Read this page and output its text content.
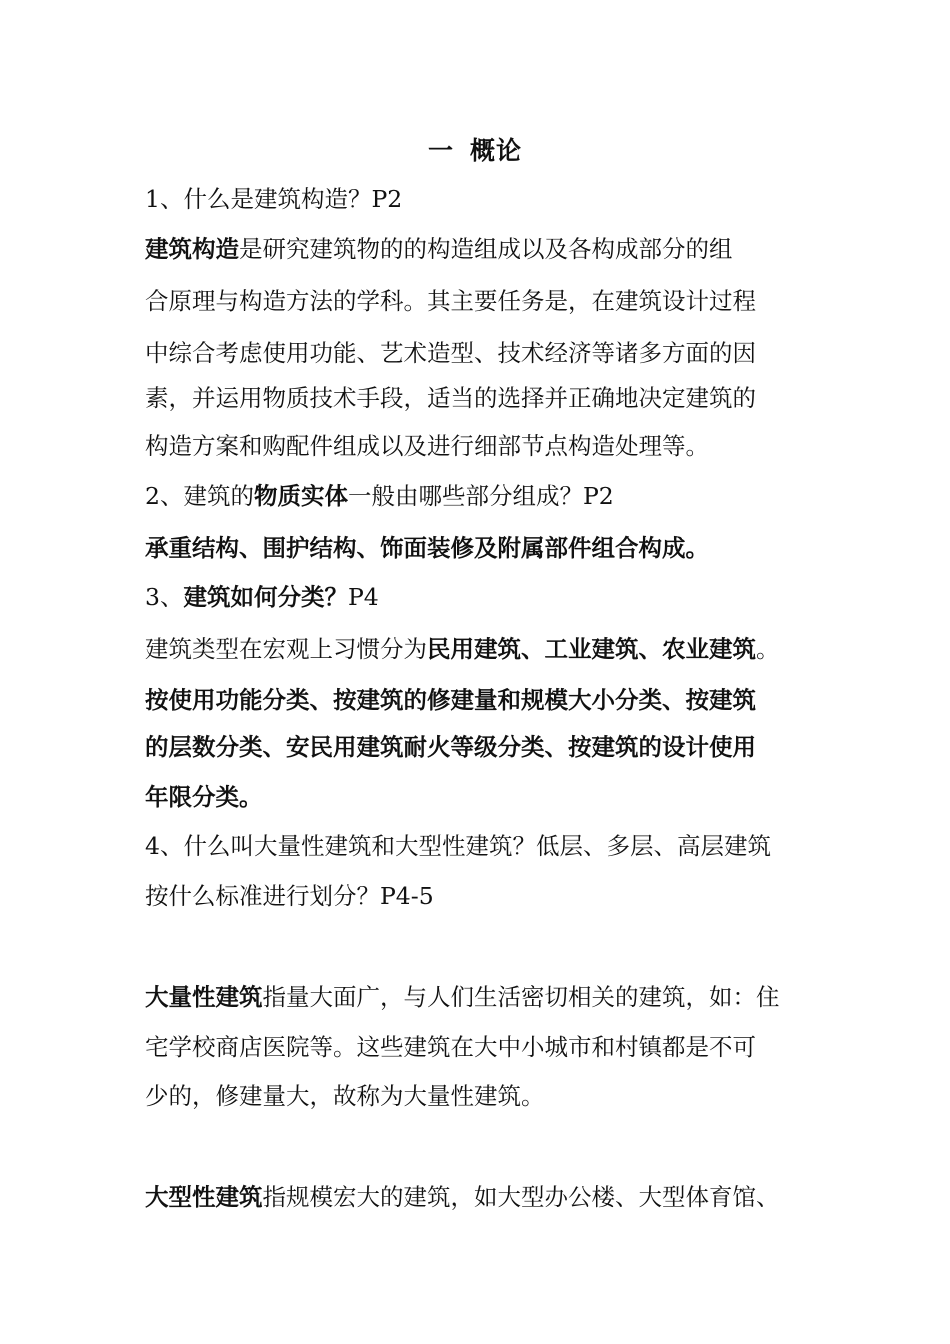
一 概论
1、什么是建筑构造？P2
建筑构造是研究建筑物的的构造组成以及各构成部分的组
合原理与构造方法的学科。其主要任务是，在建筑设计过程
中综合考虑使用功能、艺术造型、技术经济等诸多方面的因
素，并运用物质技术手段，适当的选择并正确地决定建筑的
构造方案和购配件组成以及进行细部节点构造处理等。
2、建筑的物质实体一般由哪些部分组成？P2
承重结构、围护结构、饰面装修及附属部件组合构成。
3、建筑如何分类？P4
建筑类型在宏观上习惯分为民用建筑、工业建筑、农业建筑。
按使用功能分类、按建筑的修建量和规模大小分类、按建筑
的层数分类、安民用建筑耐火等级分类、按建筑的设计使用
年限分类。
4、什么叫大量性建筑和大型性建筑？低层、多层、高层建筑
按什么标准进行划分？P4-5
大量性建筑指量大面广，与人们生活密切相关的建筑，如：住
宅学校商店医院等。这些建筑在大中小城市和村镇都是不可
少的，修建量大，故称为大量性建筑。
大型性建筑指规模宏大的建筑，如大型办公楼、大型体育馆、
